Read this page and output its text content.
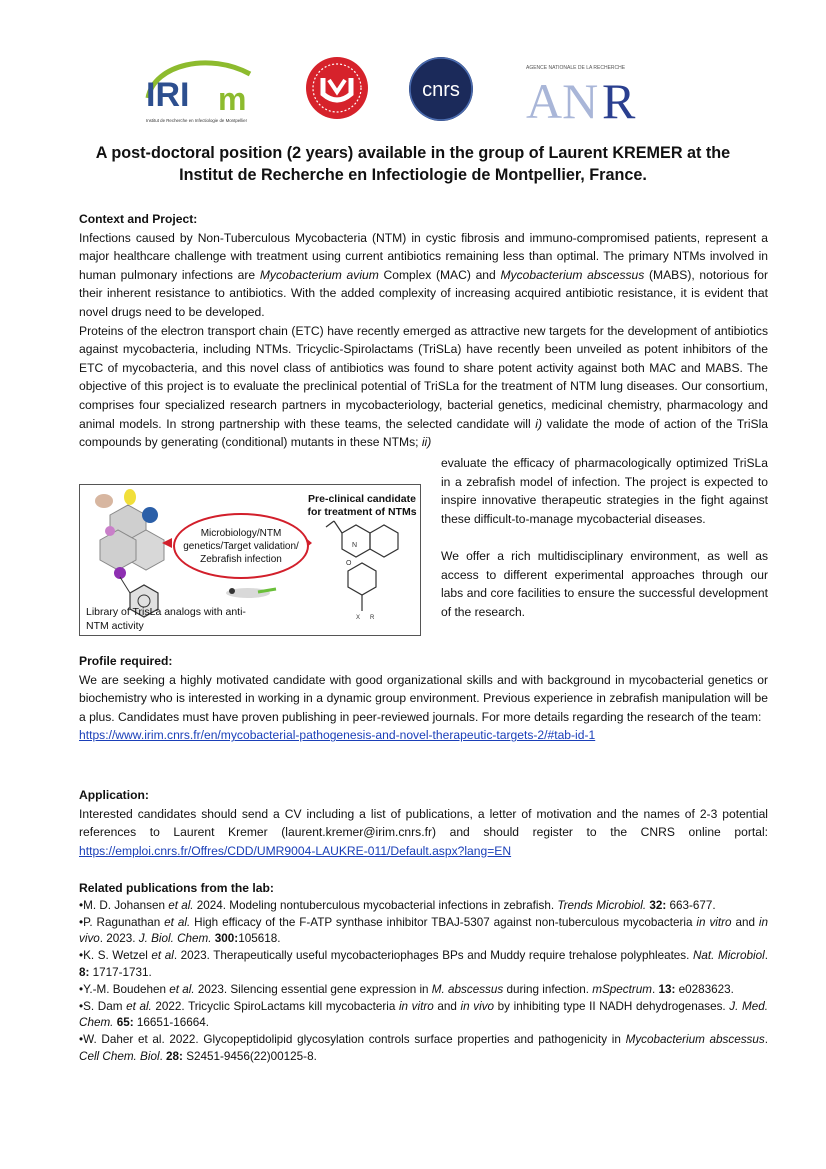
IRI m
Institut de Recherche en Infectiologie de Montpellier
cnrs
AGENCE NATIONALE DE LA RECHERCHE
AN R
A post-doctoral position (2 years) available in the group of Laurent KREMER at the
Institut de Recherche en Infectiologie de Montpellier, France.
Context and Project:

Infections caused by Non-Tuberculous Mycobacteria (NTM) in cystic fibrosis and immuno-compromised patients, represent a major healthcare challenge with treatment using current antibiotics remaining less than optimal. The primary NTMs involved in human pulmonary infections are Mycobacterium avium Complex (MAC) and Mycobacterium abscessus (MABS), notorious for their inherent resistance to antibiotics. With the added complexity of increasing acquired antibiotic resistance, it is evident that novel drugs need to be developed.

Proteins of the electron transport chain (ETC) have recently emerged as attractive new targets for the development of antibiotics against mycobacteria, including NTMs. Tricyclic-Spirolactams (TriSLa) have recently been unveiled as potent inhibitors of the ETC of mycobacteria, and this novel class of antibiotics was found to share potent activity against both MAC and MABS. The objective of this project is to evaluate the preclinical potential of TriSLa for the treatment of NTM lung diseases. Our consortium, comprises four specialized research partners in mycobacteriology, bacterial genetics, medicinal chemistry, pharmacology and animal models. In strong partnership with these teams, the selected candidate will i) validate the mode of action of the TriSla compounds by generating (conditional) mutants in these NTMs; ii)

N
O
X R
Pre-clinical candidate for treatment of NTMs
Microbiology/NTM genetics/Target validation/ Zebrafish infection
Library of TrisLa analogs with anti-NTM activity

evaluate the efficacy of pharmacologically optimized TriSLa in a zebrafish model of infection. The project is expected to inspire innovative therapeutic strategies in the fight against these difficult-to-manage mycobacterial diseases.

We offer a rich multidisciplinary environment, as well as access to different experimental approaches through our labs and core facilities to ensure the successful development of the research.

Profile required:

We are seeking a highly motivated candidate with good organizational skills and with background in mycobacterial genetics or biochemistry who is interested in working in a dynamic group environment. Previous experience in zebrafish manipulation will be a plus. Candidates must have proven publishing in peer-reviewed journals. For more details regarding the research of the team:

https://www.irim.cnrs.fr/en/mycobacterial-pathogenesis-and-novel-therapeutic-targets-2/#tab-id-1
Application:

Interested candidates should send a CV including a list of publications, a letter of motivation and the names of 2-3 potential references to Laurent Kremer (laurent.kremer@irim.cnrs.fr) and should register to the CNRS online portal: https://emploi.cnrs.fr/Offres/CDD/UMR9004-LAUKRE-011/Default.aspx?lang=EN

Related publications from the lab:

•M. D. Johansen et al. 2024. Modeling nontuberculous mycobacterial infections in zebrafish. Trends Microbiol. 32: 663-677.

•P. Ragunathan et al. High efficacy of the F-ATP synthase inhibitor TBAJ-5307 against non-tuberculous mycobacteria in vitro and in vivo. 2023. J. Biol. Chem. 300:105618.

•K. S. Wetzel et al. 2023. Therapeutically useful mycobacteriophages BPs and Muddy require trehalose polyphleates. Nat. Microbiol. 8: 1717-1731.

•Y.-M. Boudehen et al. 2023. Silencing essential gene expression in M. abscessus during infection. mSpectrum. 13: e0283623.

•S. Dam et al. 2022. Tricyclic SpiroLactams kill mycobacteria in vitro and in vivo by inhibiting type II NADH dehydrogenases. J. Med. Chem. 65: 16651-16664.

•W. Daher et al. 2022. Glycopeptidolipid glycosylation controls surface properties and pathogenicity in Mycobacterium abscessus. Cell Chem. Biol. 28: S2451-9456(22)00125-8.
